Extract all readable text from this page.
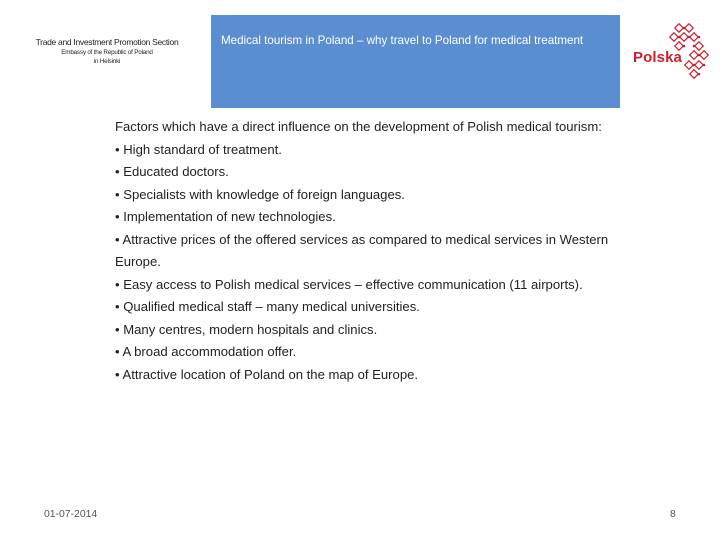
Trade and Investment Promotion Section
Embassy of the Republic of Poland
in Helsinki
Medical tourism in Poland – why travel to Poland for medical treatment
Polska

Factors which have a direct influence on the development of Polish medical tourism:

• High standard of treatment.
• Educated doctors.
• Specialists with knowledge of foreign languages.
• Implementation of new technologies.
• Attractive prices of the offered services as compared to medical services in Western Europe.
• Easy access to Polish medical services – effective communication (11 airports).
• Qualified medical staff – many medical universities.
• Many centres, modern hospitals and clinics.
• A broad accommodation offer.
• Attractive location of Poland on the map of Europe.
01-07-2014	8
